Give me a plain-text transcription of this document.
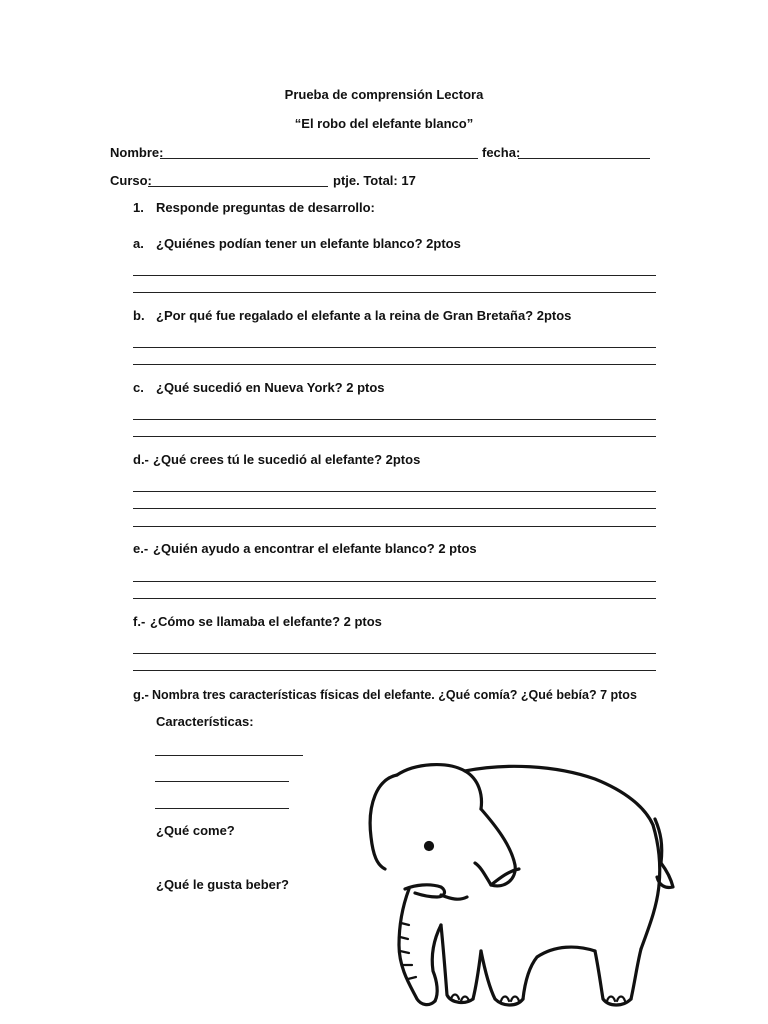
Prueba de comprensión Lectora
“El robo del elefante blanco”
Nombre:	fecha:
Curso:	ptje. Total: 17
1. Responde preguntas de desarrollo:
a. ¿Quiénes podían tener un elefante blanco? 2ptos
b. ¿Por qué fue regalado el elefante a la reina de Gran Bretaña? 2ptos
c. ¿Qué sucedió en Nueva York? 2 ptos
d.- ¿Qué crees tú le sucedió al elefante? 2ptos
e.- ¿Quién ayudo a encontrar el elefante blanco? 2 ptos
f.- ¿Cómo se llamaba el elefante? 2 ptos
g.- Nombra tres características físicas del elefante. ¿Qué comía? ¿Qué bebía? 7 ptos
Características:
¿Qué come?
¿Qué le gusta beber?
